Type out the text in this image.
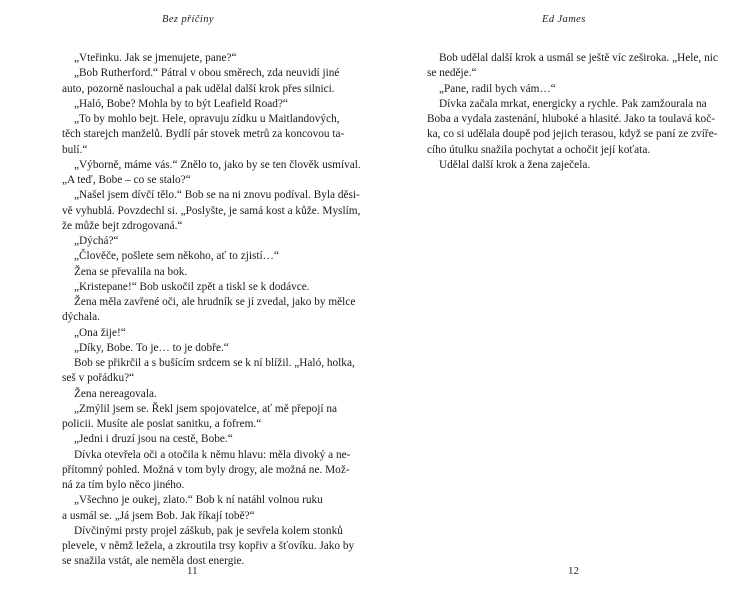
Bez příčiny
„Vteřinku. Jak se jmenujete, pane?“
„Bob Rutherford.“ Pátral v obou směrech, zda neuvidí jiné
auto, pozorně naslouchal a pak udělal další krok přes silnici.
„Haló, Bobe? Mohla by to být Leafield Road?“
„To by mohlo bejt. Hele, opravuju zídku u Maitlandových,
těch starejch manželů. Bydlí pár stovek metrů za koncovou ta-
bulí.“
„Výborně, máme vás.“ Znělo to, jako by se ten člověk usmíval.
„A teď, Bobe – co se stalo?“
„Našel jsem dívčí tělo.“ Bob se na ni znovu podíval. Byla děsi-
vě vyhublá. Povzdechl si. „Poslyšte, je samá kost a kůže. Myslím,
že může bejt zdrogovaná.“
„Dýchá?“
„Člověče, pošlete sem někoho, ať to zjistí…“
Žena se převalila na bok.
„Kristepane!“ Bob uskočil zpět a tiskl se k dodávce.
Žena měla zavřené oči, ale hrudník se jí zvedal, jako by mělce
dýchala.
„Ona žije!“
„Díky, Bobe. To je… to je dobře.“
Bob se přikrčil a s bušícím srdcem se k ní blížil. „Haló, holka,
seš v pořádku?“
Žena nereagovala.
„Zmýlil jsem se. Řekl jsem spojovatelce, ať mě přepojí na
policii. Musíte ale poslat sanitku, a fofrem.“
„Jedni i druzí jsou na cestě, Bobe.“
Dívka otevřela oči a otočila k němu hlavu: měla divoký a ne-
přítomný pohled. Možná v tom byly drogy, ale možná ne. Mož-
ná za tím bylo něco jiného.
„Všechno je oukej, zlato.“ Bob k ní natáhl volnou ruku
a usmál se. „Já jsem Bob. Jak říkají tobě?“
Dívčinými prsty projel záškub, pak je sevřela kolem stonků
plevele, v němž ležela, a zkroutila trsy kopřiv a šťovíku. Jako by
se snažila vstát, ale neměla dost energie.
11
Ed James
Bob udělal další krok a usmál se ještě víc zeširoka. „Hele, nic
se neděje.“
„Pane, radil bych vám…“
Dívka začala mrkat, energicky a rychle. Pak zamžourala na
Boba a vydala zastenání, hluboké a hlasité. Jako ta toulavá koč-
ka, co si udělala doupě pod jejich terasou, když se paní ze zvíře-
cího útulku snažila pochytat a ochočit její koťata.
Udělal další krok a žena zaječela.
12
